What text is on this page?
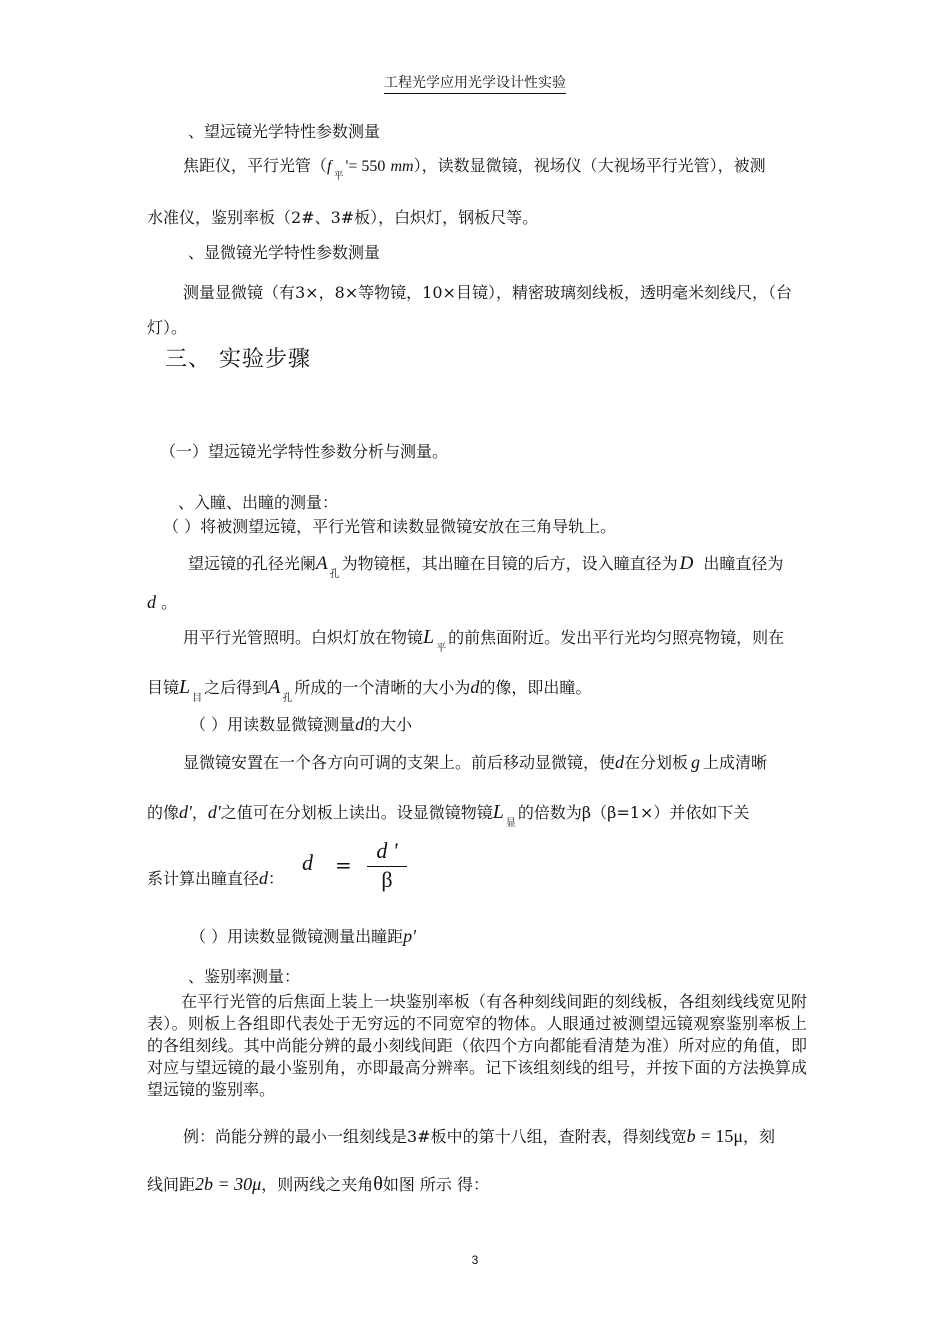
工程光学应用光学设计性实验
、望远镜光学特性参数测量
焦距仪，平行光管（$f_平'= 550$ mm），读数显微镜，视场仪（大视场平行光管），被测
水准仪，鉴别率板（2#、3#板），白炽灯，钢板尺等。
、显微镜光学特性参数测量
测量显微镜（有3×，8×等物镜，10×目镜），精密玻璃刻线板，透明毫米刻线尺，（台
灯）。
三、 实验步骤
（一）望远镜光学特性参数分析与测量。
、入瞳、出瞳的测量：
（ ）将被测望远镜，平行光管和读数显微镜安放在三角导轨上。
望远镜的孔径光阑$A_孔$为物镜框，其出瞳在目镜的后方，设入瞳直径为 D 出瞳直径为
d 。
用平行光管照明。白炽灯放在物镜$L_平$的前焦面附近。发出平行光均匀照亮物镜，则在
目镜$L_目$之后得到$A_孔$所成的一个清晰的大小为d的像，即出瞳。
（ ）用读数显微镜测量d的大小
显微镜安置在一个各方向可调的支架上。前后移动显微镜，使d在分划板 g 上成清晰
的像d'，d'之值可在分划板上读出。设显微镜物镜$L_显$的倍数为β（β=1×）并依如下关
系计算出瞳直径d：
$d = \frac{d '}{\beta}$
（ ）用读数显微镜测量出瞳距p'
、鉴别率测量：
在平行光管的后焦面上装上一块鉴别率板（有各种刻线间距的刻线板，各组刻线线宽见附表）。则板上各组即代表处于无穷远的不同宽窄的物体。人眼通过被测望远镜观察鉴别率板上的各组刻线。其中尚能分辨的最小刻线间距（依四个方向都能看清楚为准）所对应的角值，即对应与望远镜的最小鉴别角，亦即最高分辨率。记下该组刻线的组号，并按下面的方法换算成望远镜的鉴别率。
例：尚能分辨的最小一组刻线是3#板中的第十八组，查附表，得刻线宽b = 15μ，刻
线间距2b = 30μ，则两线之夹角θ如图 所示 得：
3
